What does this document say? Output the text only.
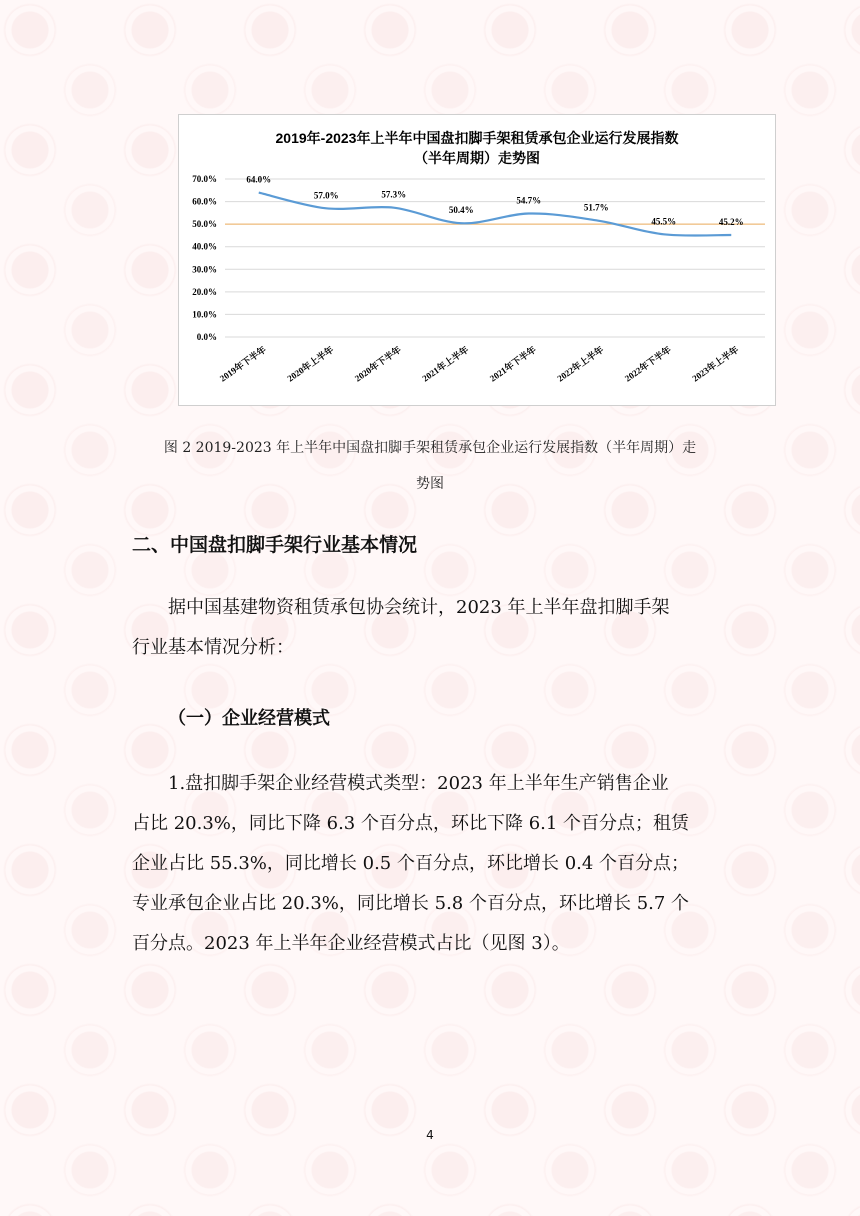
2019年-2023年上半年中国盘扣脚手架租赁承包企业运行发展指数
（半年周期）走势图
0.0%
10.0%
20.0%
30.0%
40.0%
50.0%
60.0%
70.0%
2019年下半年 2020年上半年 2020年下半年 2021年上半年 2021年下半年 2022年上半年 2022年下半年 2023年上半年
64.0%
57.0%	57.3%
50.4%
54.7%
51.7%
45.5%	45.2%
图 2 2019-2023 年上半年中国盘扣脚手架租赁承包企业运行发展指数（半年周期）走
势图
二、中国盘扣脚手架行业基本情况
据中国基建物资租赁承包协会统计，2023 年上半年盘扣脚手架
行业基本情况分析：
（一）企业经营模式
1.盘扣脚手架企业经营模式类型：2023 年上半年生产销售企业
占比 20.3%，同比下降 6.3 个百分点，环比下降 6.1 个百分点；租赁
企业占比 55.3%，同比增长 0.5 个百分点，环比增长 0.4 个百分点；
专业承包企业占比 20.3%，同比增长 5.8 个百分点，环比增长 5.7 个
百分点。2023 年上半年企业经营模式占比（见图 3）。
4
